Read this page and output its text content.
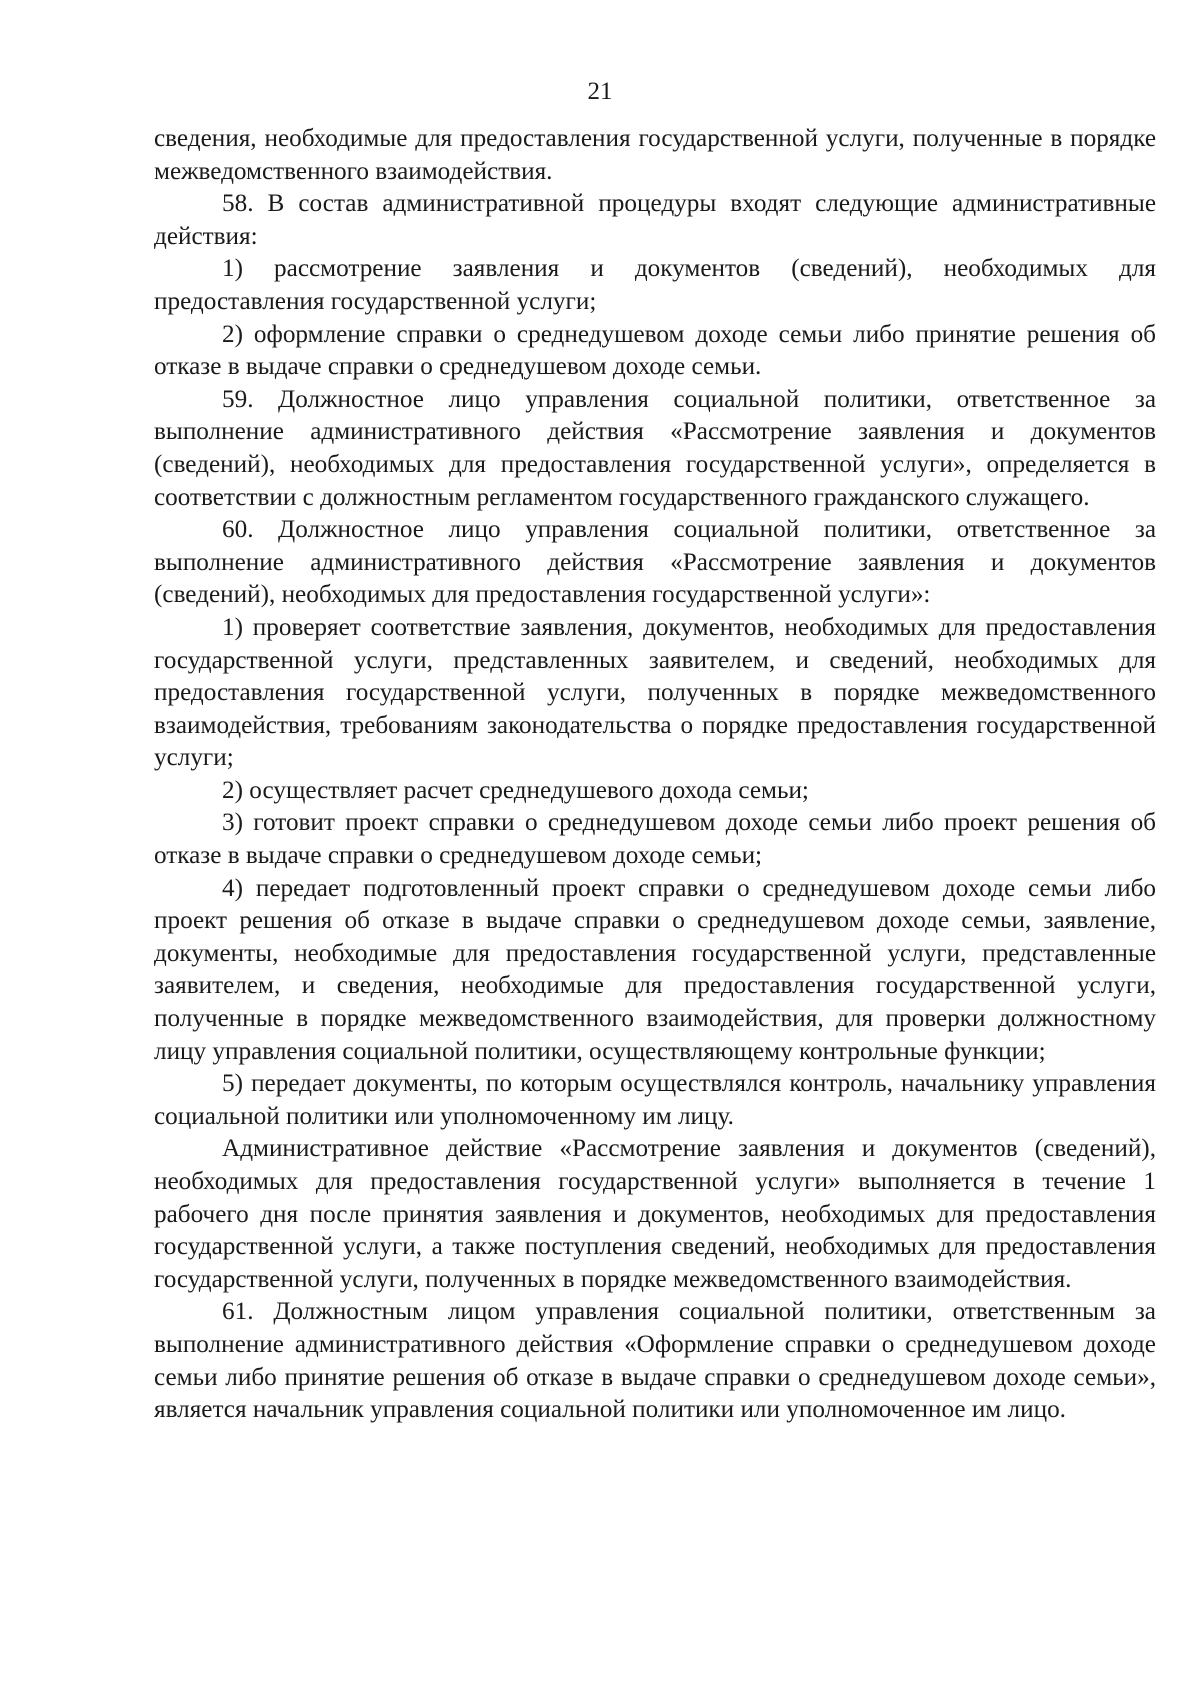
21

сведения, необходимые для предоставления государственной услуги, полученные в порядке межведомственного взаимодействия.

58. В состав административной процедуры входят следующие административные действия:

1) рассмотрение заявления и документов (сведений), необходимых для предоставления государственной услуги;

2) оформление справки о среднедушевом доходе семьи либо принятие решения об отказе в выдаче справки о среднедушевом доходе семьи.

59. Должностное лицо управления социальной политики, ответственное за выполнение административного действия «Рассмотрение заявления и документов (сведений), необходимых для предоставления государственной услуги», определяется в соответствии с должностным регламентом государственного гражданского служащего.

60. Должностное лицо управления социальной политики, ответственное за выполнение административного действия «Рассмотрение заявления и документов (сведений), необходимых для предоставления государственной услуги»:

1) проверяет соответствие заявления, документов, необходимых для предоставления государственной услуги, представленных заявителем, и сведений, необходимых для предоставления государственной услуги, полученных в порядке межведомственного взаимодействия, требованиям законодательства о порядке предоставления государственной услуги;

2) осуществляет расчет среднедушевого дохода семьи;

3) готовит проект справки о среднедушевом доходе семьи либо проект решения об отказе в выдаче справки о среднедушевом доходе семьи;

4) передает подготовленный проект справки о среднедушевом доходе семьи либо проект решения об отказе в выдаче справки о среднедушевом доходе семьи, заявление, документы, необходимые для предоставления государственной услуги, представленные заявителем, и сведения, необходимые для предоставления государственной услуги, полученные в порядке межведомственного взаимодействия, для проверки должностному лицу управления социальной политики, осуществляющему контрольные функции;

5) передает документы, по которым осуществлялся контроль, начальнику управления социальной политики или уполномоченному им лицу.

Административное действие «Рассмотрение заявления и документов (сведений), необходимых для предоставления государственной услуги» выполняется в течение 1 рабочего дня после принятия заявления и документов, необходимых для предоставления государственной услуги, а также поступления сведений, необходимых для предоставления государственной услуги, полученных в порядке межведомственного взаимодействия.

61. Должностным лицом управления социальной политики, ответственным за выполнение административного действия «Оформление справки о среднедушевом доходе семьи либо принятие решения об отказе в выдаче справки о среднедушевом доходе семьи», является начальник управления социальной политики или уполномоченное им лицо.
